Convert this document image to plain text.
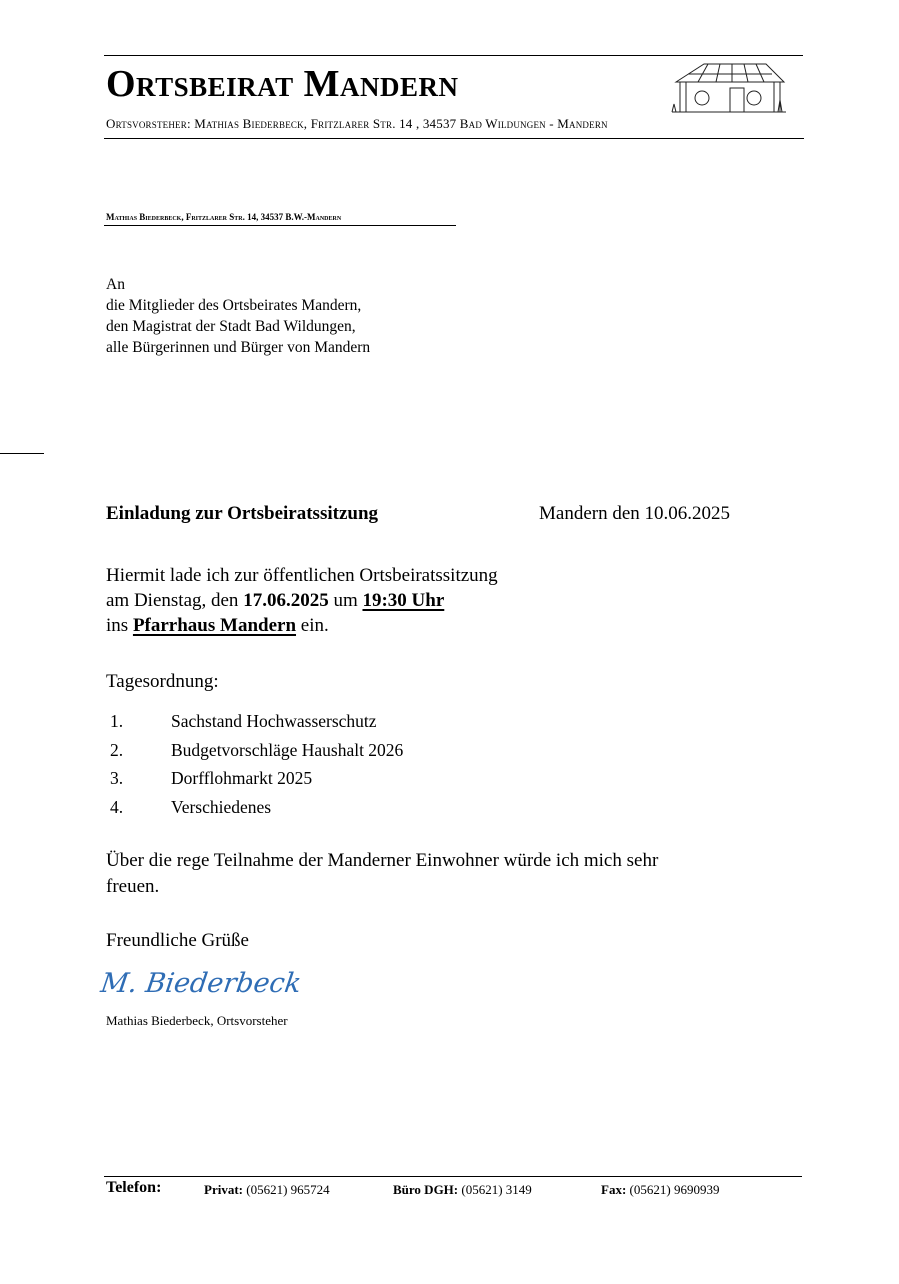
Ortsbeirat Mandern
Ortsvorsteher: Mathias Biederbeck, Fritzlarer Str. 14 , 34537 Bad Wildungen - Mandern
Mathias Biederbeck, Fritzlarer Str. 14, 34537 B.W.-Mandern
An
die Mitglieder des Ortsbeirates Mandern,
den Magistrat der Stadt Bad Wildungen,
alle Bürgerinnen und Bürger von Mandern
Einladung zur Ortsbeiratssitzung	Mandern den 10.06.2025
Hiermit lade ich zur öffentlichen Ortsbeiratssitzung
am Dienstag, den 17.06.2025 um 19:30 Uhr
ins Pfarrhaus Mandern ein.
Tagesordnung:
1.	Sachstand Hochwasserschutz
2.	Budgetvorschläge Haushalt 2026
3.	Dorfflohmarkt 2025
4.	Verschiedenes
Über die rege Teilnahme der Manderner Einwohner würde ich mich sehr
freuen.
Freundliche Grüße
M. Biederbeck
Mathias Biederbeck, Ortsvorsteher
Telefon:	Privat: (05621) 965724	Büro DGH: (05621) 3149	Fax: (05621) 9690939
